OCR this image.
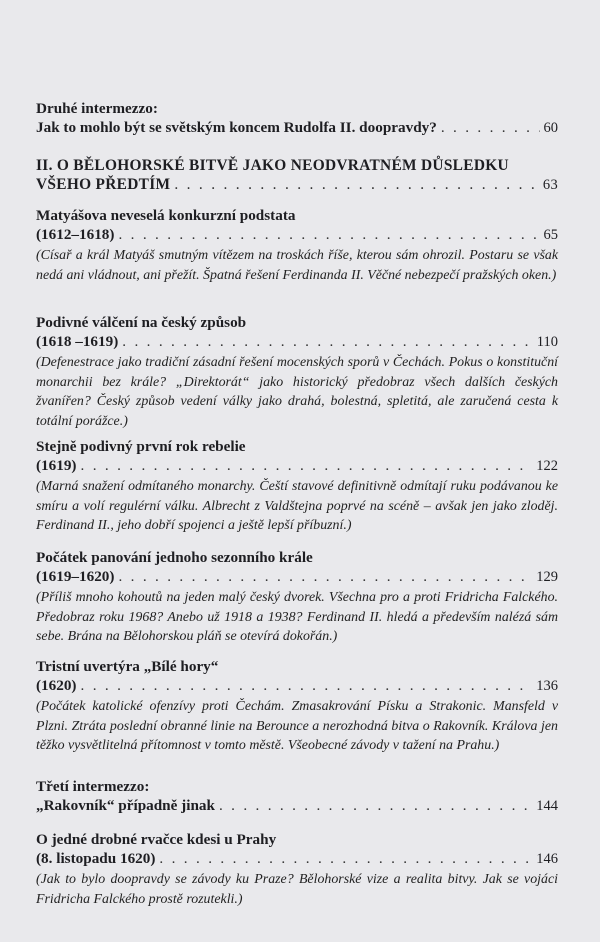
Druhé intermezzo:
Jak to mohlo být se světským koncem Rudolfa II. doopravdy? . . .	60
II. O BĚLOHORSKÉ BITVĚ JAKO NEODVRATNÉM DŮSLEDKU
VŠEHO PŘEDTÍM . . .	63
Matyášova neveselá konkurzní podstata
(1612–1618) . . .	65
(Císař a král Matyáš smutným vítězem na troskách říše, kterou sám ohrozil. Postaru se však nedá ani vládnout, ani přežít. Špatná řešení Ferdinanda II. Věčné nebezpečí pražských oken.)
Podivné válčení na český způsob
(1618 –1619) . . .	110
(Defenestrace jako tradiční zásadní řešení mocenských sporů v Čechách. Pokus o konstituční monarchii bez krále? „Direktorát“ jako historický předobraz všech dalších českých žvanířen? Český způsob vedení války jako drahá, bolestná, spletitá, ale zaručená cesta k totální porážce.)
Stejně podivný první rok rebelie
(1619) . . .	122
(Marná snažení odmítaného monarchy. Čeští stavové definitivně odmítají ruku podávanou ke smíru a volí regulérní válku. Albrecht z Valdštejna poprvé na scéně – avšak jen jako zloděj. Ferdinand II., jeho dobří spojenci a ještě lepší příbuzní.)
Počátek panování jednoho sezonního krále
(1619–1620) . . .	129
(Příliš mnoho kohoutů na jeden malý český dvorek. Všechna pro a proti Fridricha Falckého. Předobraz roku 1968? Anebo už 1918 a 1938? Ferdinand II. hledá a především nalézá sám sebe. Brána na Bělohorskou pláň se otevírá dokořán.)
Tristní uvertýra „Bílé hory“
(1620) . . .	136
(Počátek katolické ofenzívy proti Čechám. Zmasakrování Písku a Strakonic. Mansfeld v Plzni. Ztráta poslední obranné linie na Berounce a nerozhodná bitva o Rakovník. Králova jen těžko vysvětlitelná přítomnost v tomto městě. Všeobecné závody v tažení na Prahu.)
Třetí intermezzo:
„Rakovník“ případně jinak . . .	144
O jedné drobné rvačce kdesi u Prahy
(8. listopadu 1620) . . .	146
(Jak to bylo doopravdy se závody ku Praze? Bělohorské vize a realita bitvy. Jak se vojáci Fridricha Falckého prostě rozutekli.)
